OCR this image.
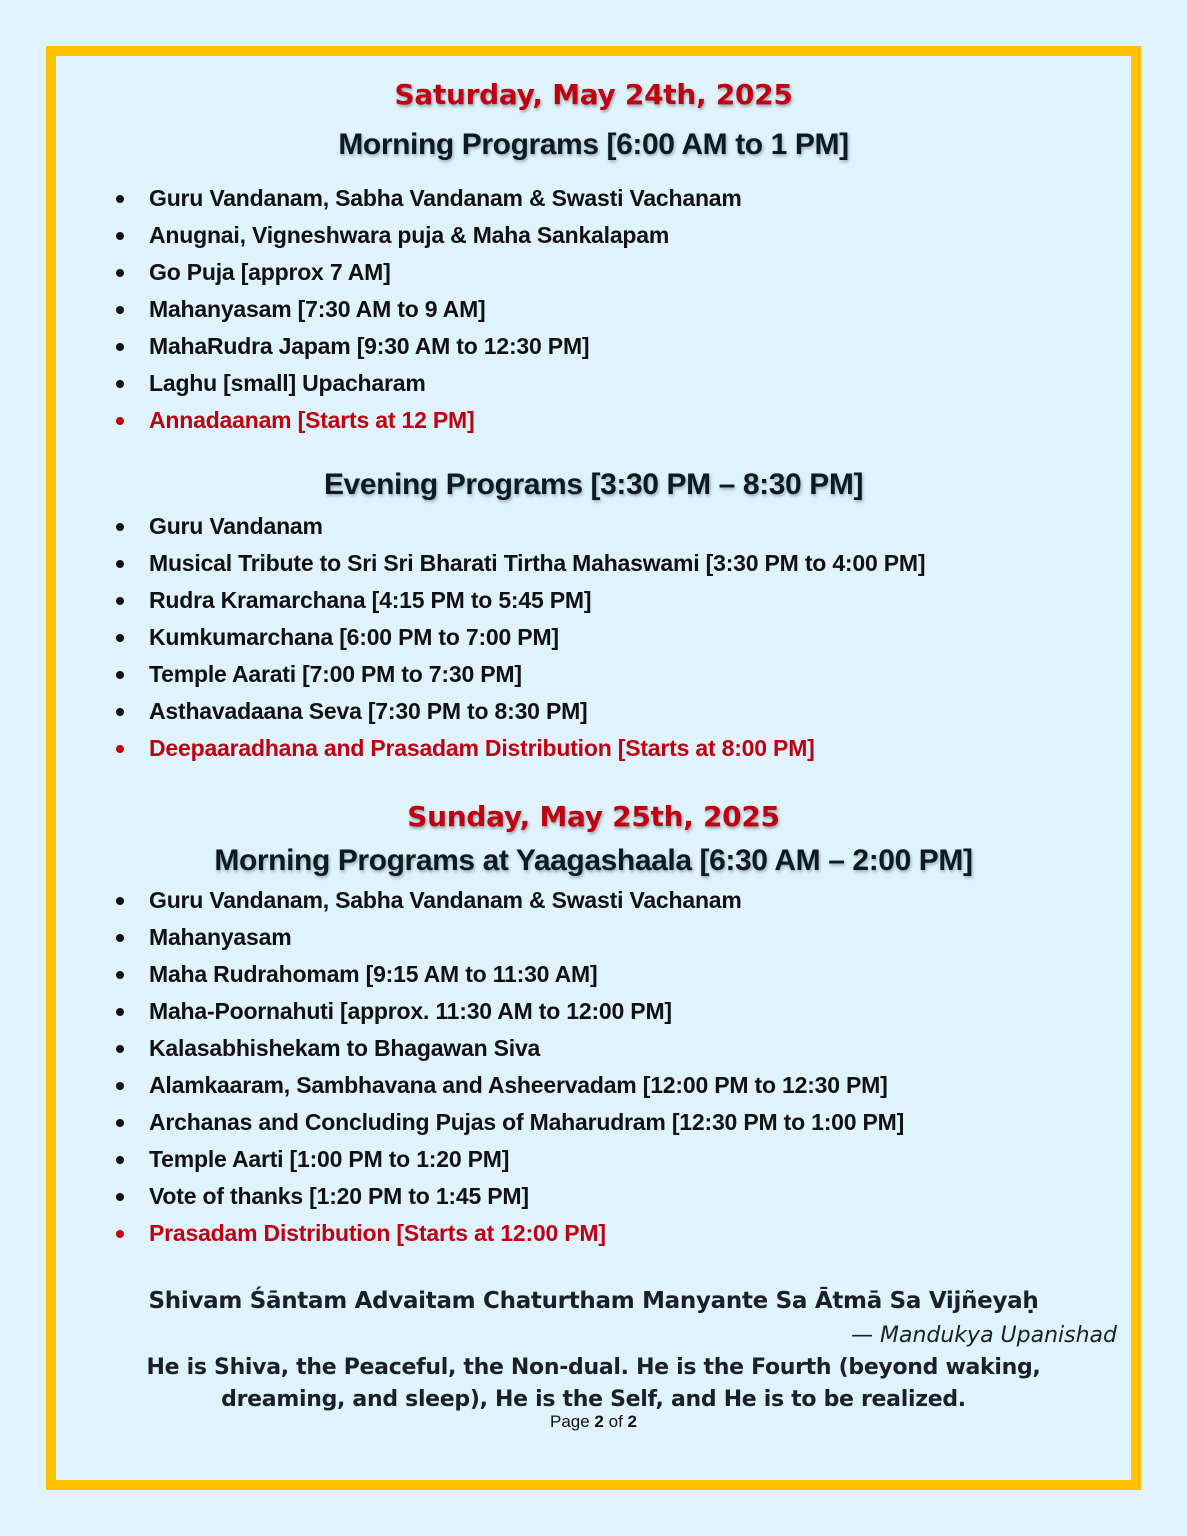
Saturday, May 24th, 2025
Morning Programs [6:00 AM to 1 PM]
Guru Vandanam, Sabha Vandanam & Swasti Vachanam
Anugnai, Vigneshwara puja & Maha Sankalapam
Go Puja [approx 7 AM]
Mahanyasam [7:30 AM to 9 AM]
MahaRudra Japam [9:30 AM to 12:30 PM]
Laghu [small] Upacharam
Annadaanam [Starts at 12 PM]
Evening Programs [3:30 PM – 8:30 PM]
Guru Vandanam
Musical Tribute to Sri Sri Bharati Tirtha Mahaswami [3:30 PM to 4:00 PM]
Rudra Kramarchana [4:15 PM to 5:45 PM]
Kumkumarchana [6:00 PM to 7:00 PM]
Temple Aarati [7:00 PM to 7:30 PM]
Asthavadaana Seva [7:30 PM to 8:30 PM]
Deepaaradhana and Prasadam Distribution [Starts at 8:00 PM]
Sunday, May 25th, 2025
Morning Programs at Yaagashaala [6:30 AM – 2:00 PM]
Guru Vandanam, Sabha Vandanam & Swasti Vachanam
Mahanyasam
Maha Rudrahomam [9:15 AM to 11:30 AM]
Maha-Poornahuti [approx. 11:30 AM to 12:00 PM]
Kalasabhishekam to Bhagawan Siva
Alamkaaram, Sambhavana and Asheervadam [12:00 PM to 12:30 PM]
Archanas and Concluding Pujas of Maharudram [12:30 PM to 1:00 PM]
Temple Aarti [1:00 PM to 1:20 PM]
Vote of thanks [1:20 PM to 1:45 PM]
Prasadam Distribution [Starts at 12:00 PM]
Shivam Śāntam Advaitam Chaturtham Manyante Sa Ātmā Sa Vijñeyaḥ
— Mandukya Upanishad
He is Shiva, the Peaceful, the Non-dual. He is the Fourth (beyond waking,
dreaming, and sleep), He is the Self, and He is to be realized.
Page 2 of 2
